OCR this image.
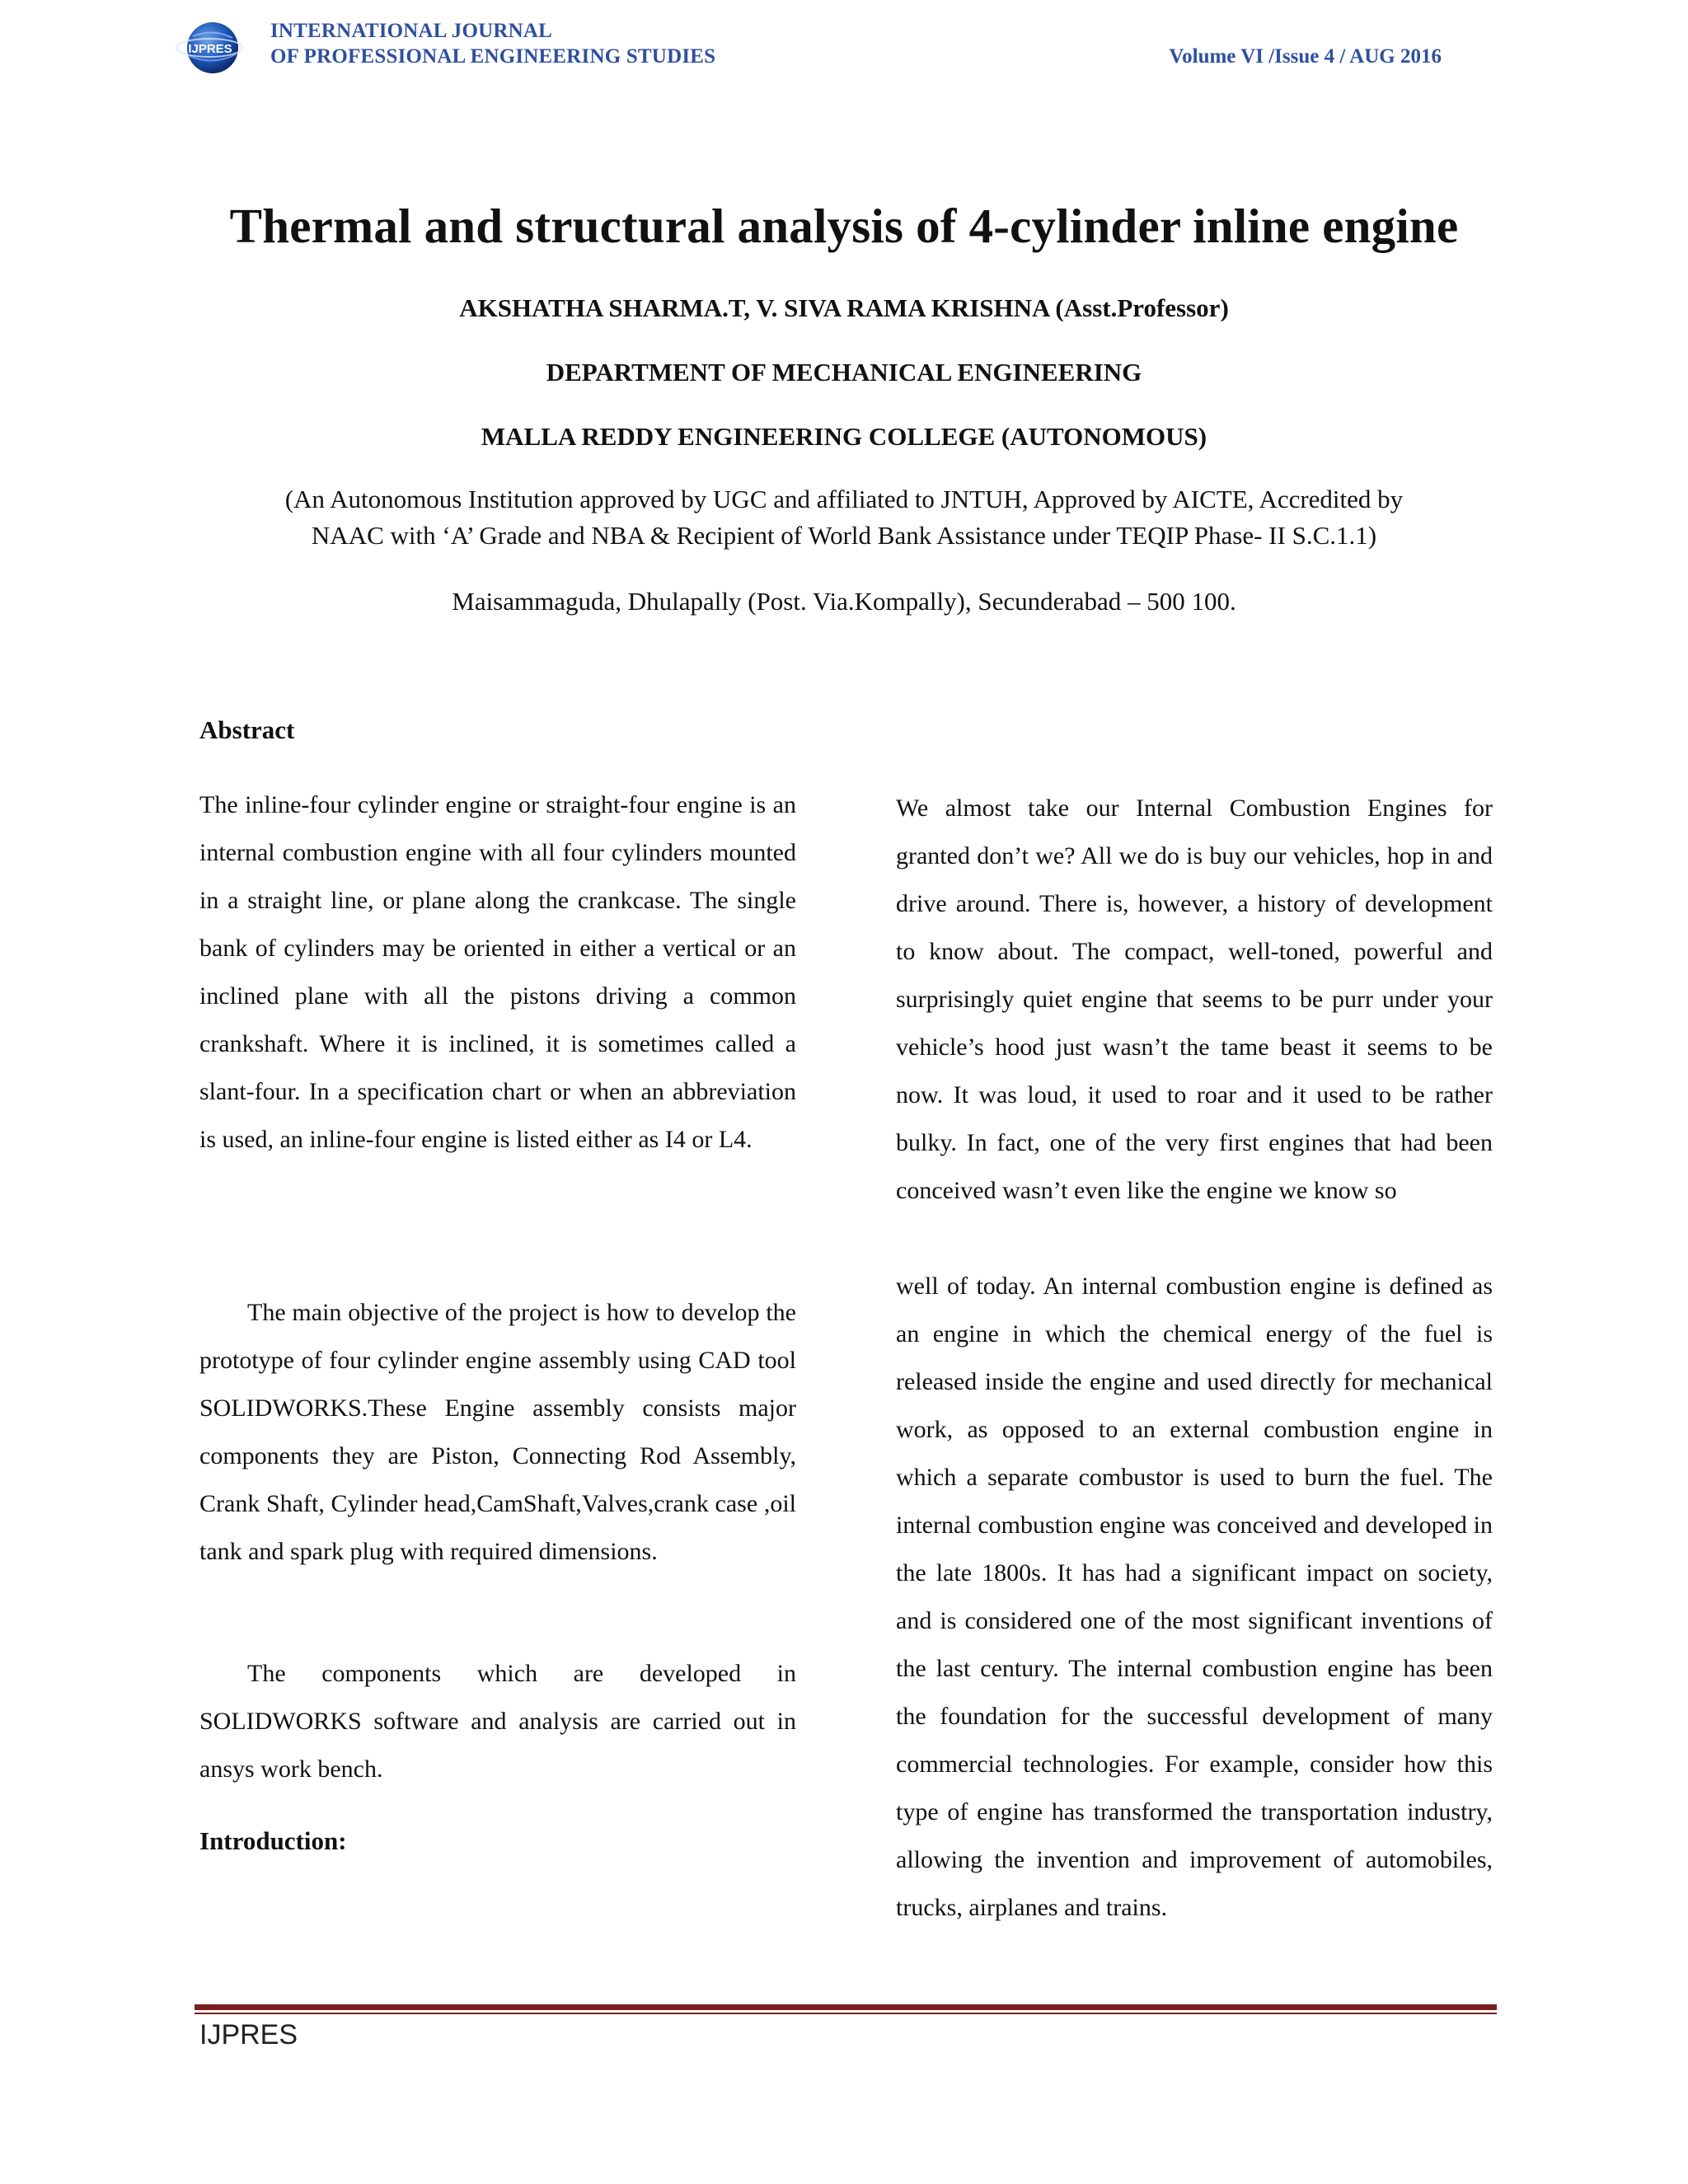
IJPRES
INTERNATIONAL JOURNAL
OF PROFESSIONAL ENGINEERING STUDIES	Volume VI /Issue 4 / AUG 2016
Thermal and structural analysis of 4-cylinder inline engine
AKSHATHA SHARMA.T, V. SIVA RAMA KRISHNA (Asst.Professor)
DEPARTMENT OF MECHANICAL ENGINEERING
MALLA REDDY ENGINEERING COLLEGE (AUTONOMOUS)
(An Autonomous Institution approved by UGC and affiliated to JNTUH, Approved by AICTE, Accredited by
NAAC with ‘A’ Grade and NBA & Recipient of World Bank Assistance under TEQIP Phase- II S.C.1.1)
Maisammaguda, Dhulapally (Post. Via.Kompally), Secunderabad – 500 100.
Abstract

The inline-four cylinder engine or straight-four engine is an internal combustion engine with all four cylinders mounted in a straight line, or plane along the crankcase. The single bank of cylinders may be oriented in either a vertical or an inclined plane with all the pistons driving a common crankshaft. Where it is inclined, it is sometimes called a slant-four. In a specification chart or when an abbreviation is used, an inline-four engine is listed either as I4 or L4.

The main objective of the project is how to develop the prototype of four cylinder engine assembly using CAD tool SOLIDWORKS.These Engine assembly consists major components they are Piston, Connecting Rod Assembly, Crank Shaft, Cylinder head,CamShaft,Valves,crank case ,oil tank and spark plug with required dimensions.

The components which are developed in SOLIDWORKS software and analysis are carried out in ansys work bench.

Introduction:

We almost take our Internal Combustion Engines for granted don’t we? All we do is buy our vehicles, hop in and drive around. There is, however, a history of development to know about. The compact, well-toned, powerful and surprisingly quiet engine that seems to be purr under your vehicle’s hood just wasn’t the tame beast it seems to be now. It was loud, it used to roar and it used to be rather bulky. In fact, one of the very first engines that had been conceived wasn’t even like the engine we know so

well of today. An internal combustion engine is defined as an engine in which the chemical energy of the fuel is released inside the engine and used directly for mechanical work, as opposed to an external combustion engine in which a separate combustor is used to burn the fuel. The internal combustion engine was conceived and developed in the late 1800s. It has had a significant impact on society, and is considered one of the most significant inventions of the last century. The internal combustion engine has been the foundation for the successful development of many commercial technologies. For example, consider how this type of engine has transformed the transportation industry, allowing the invention and improvement of automobiles, trucks, airplanes and trains.

IJPRES
